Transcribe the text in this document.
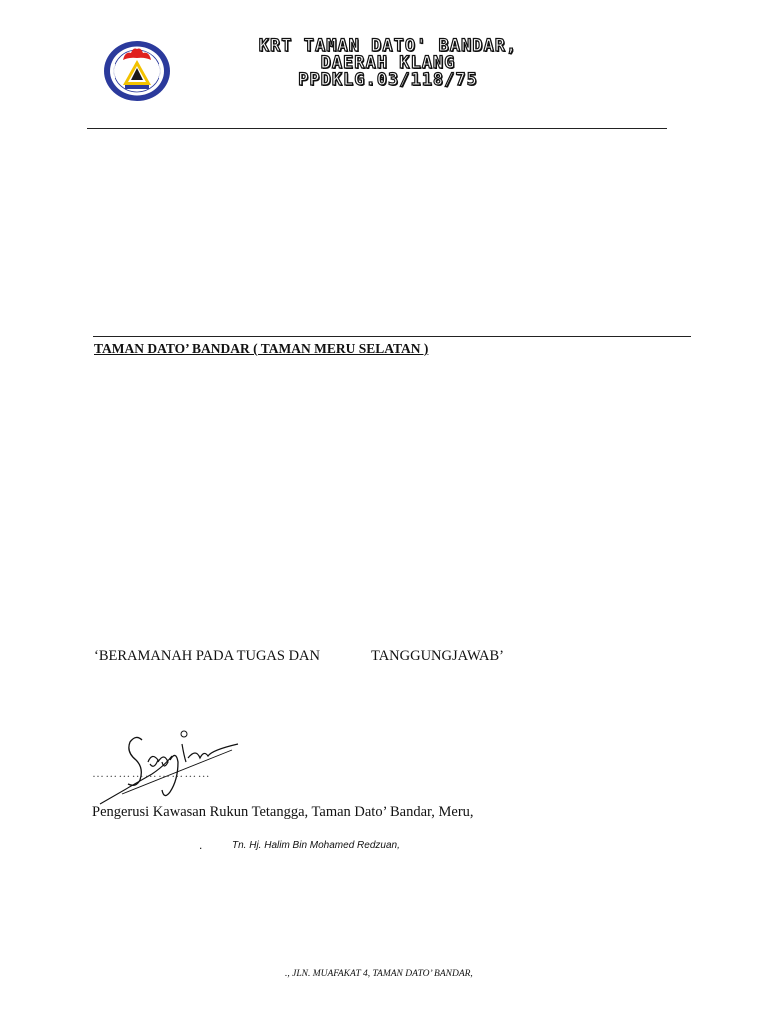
KRT TAMAN DATO' BANDAR,
DAERAH KLANG
PPDKLG.03/118/75
TAMAN DATO’ BANDAR ( TAMAN MERU SELATAN )
‘BERAMANAH PADA TUGAS DAN	TANGGUNGJAWAB’
………………………
Pengerusi Kawasan Rukun Tetangga, Taman Dato’ Bandar, Meru,
.	Tn. Hj. Halim Bin Mohamed Redzuan,
., JLN. MUAFAKAT 4, TAMAN DATO’ BANDAR,
